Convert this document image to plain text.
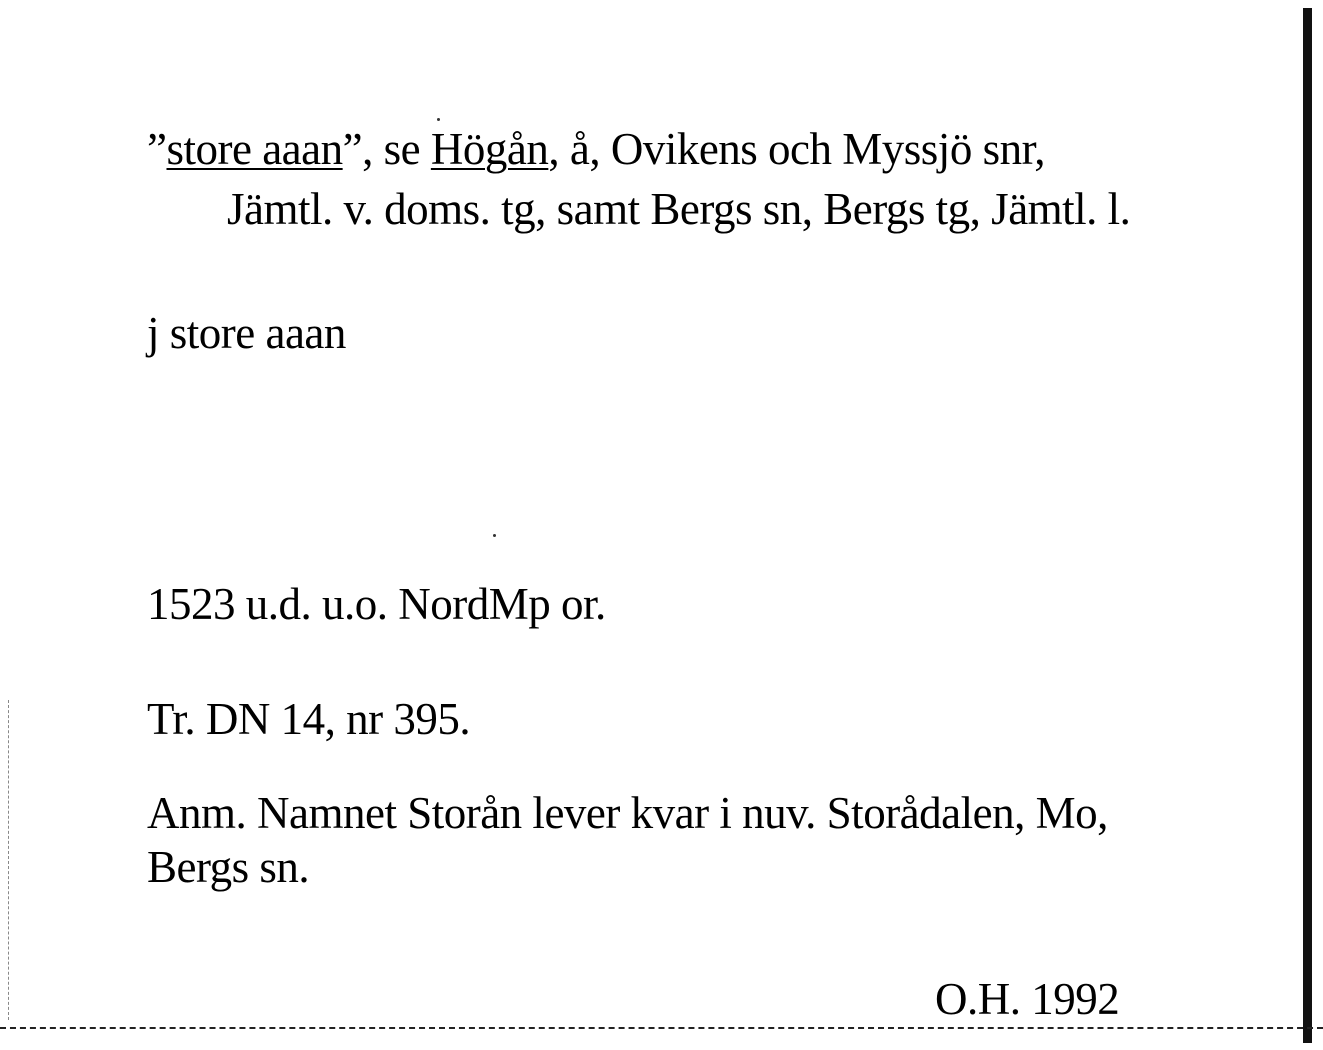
”store aaan”, se Högån, å, Ovikens och Myssjö snr,
Jämtl. v. doms. tg, samt Bergs sn, Bergs tg, Jämtl. l.
j store aaan
1523 u.d. u.o. NordMp or.
Tr. DN 14, nr 395.
Anm. Namnet Storån lever kvar i nuv. Storådalen, Mo,
Bergs sn.
O.H. 1992
